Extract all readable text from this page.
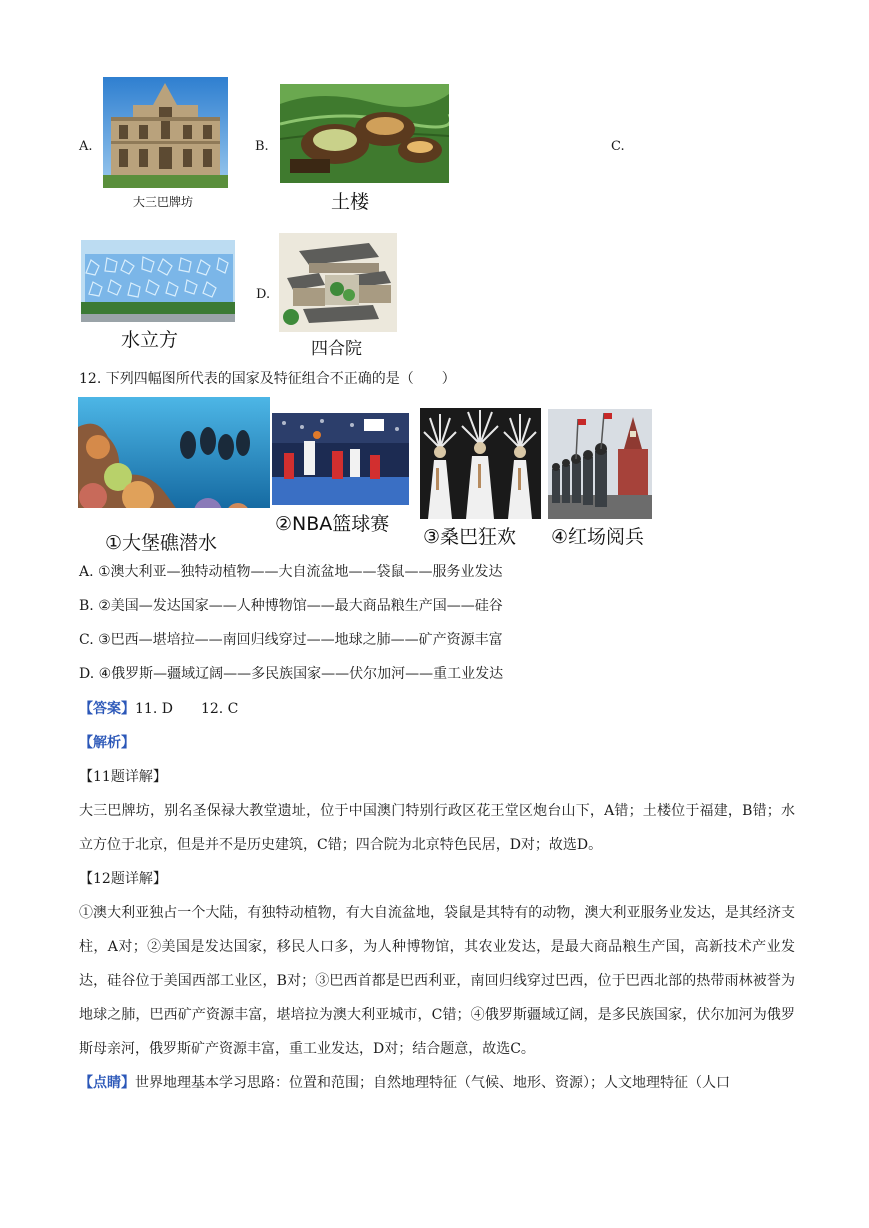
A.
大三巴牌坊
B.
土楼
C.
水立方
D.
四合院
12. 下列四幅图所代表的国家及特征组合不正确的是（　　）
①大堡礁潜水
②NBA篮球赛
③桑巴狂欢 ④红场阅兵
A. ①澳大利亚—独特动植物——大自流盆地——袋鼠——服务业发达
B. ②美国—发达国家——人种博物馆——最大商品粮生产国——硅谷
C. ③巴西—堪培拉——南回归线穿过——地球之肺——矿产资源丰富
D. ④俄罗斯—疆域辽阔——多民族国家——伏尔加河——重工业发达
【答案】11. D　　12. C
【解析】
【11题详解】
大三巴牌坊，别名圣保禄大教堂遗址，位于中国澳门特别行政区花王堂区炮台山下，A错；土楼位于福建，B错；水立方位于北京，但是并不是历史建筑，C错；四合院为北京特色民居，D对；故选D。
【12题详解】
①澳大利亚独占一个大陆，有独特动植物，有大自流盆地，袋鼠是其特有的动物，澳大利亚服务业发达，是其经济支柱，A对；②美国是发达国家，移民人口多，为人种博物馆，其农业发达，是最大商品粮生产国，高新技术产业发达，硅谷位于美国西部工业区，B对；③巴西首都是巴西利亚，南回归线穿过巴西，位于巴西北部的热带雨林被誉为地球之肺，巴西矿产资源丰富，堪培拉为澳大利亚城市，C错；④俄罗斯疆域辽阔，是多民族国家，伏尔加河为俄罗斯母亲河，俄罗斯矿产资源丰富，重工业发达，D对；结合题意，故选C。
【点睛】世界地理基本学习思路：位置和范围；自然地理特征（气候、地形、资源）；人文地理特征（人口
